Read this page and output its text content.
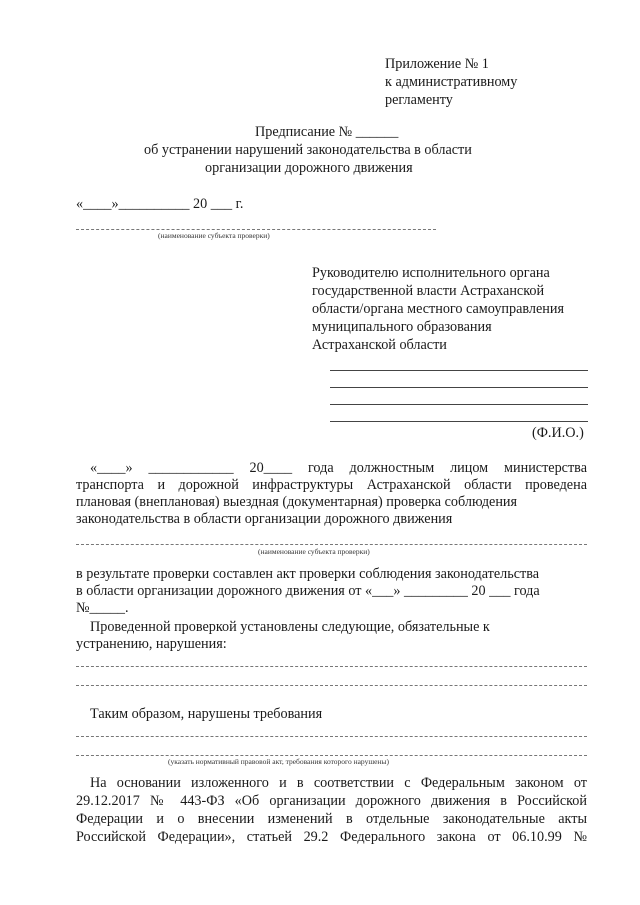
Приложение № 1
к административному
регламенту
Предписание № ______
об устранении нарушений законодательства в области
организации дорожного движения
«____»__________ 20 ___ г.
(наименование субъекта проверки)
Руководителю исполнительного органа
государственной власти Астраханской
области/органа местного самоуправления
муниципального образования
Астраханской области
(Ф.И.О.)
«____» ____________ 20____ года должностным лицом министерства
транспорта и дорожной инфраструктуры Астраханской области проведена
плановая (внеплановая) выездная (документарная) проверка соблюдения
законодательства в области организации дорожного движения
(наименование субъекта проверки)
в результате проверки составлен акт проверки соблюдения законодательства
в области организации дорожного движения от «___» _________ 20 ___ года
№_____.
Проведенной проверкой установлены следующие, обязательные к
устранению, нарушения:
Таким образом, нарушены требования
(указать нормативный правовой акт, требования которого нарушены)
На основании изложенного и в соответствии с Федеральным законом от
29.12.2017 № 443-ФЗ «Об организации дорожного движения в Российской
Федерации и о внесении изменений в отдельные законодательные акты
Российской Федерации», статьей 29.2 Федерального закона от 06.10.99 №
